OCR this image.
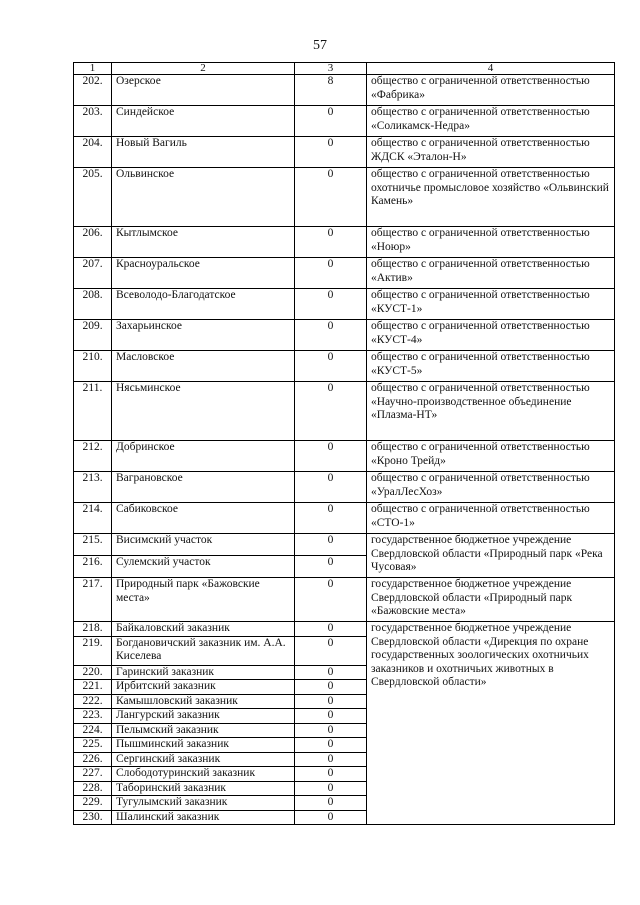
57
1	2	3	4
202.	Озерское	8	общество с ограниченной ответственностью «Фабрика»
203.	Синдейское	0	общество с ограниченной ответственностью «Соликамск-Недра»
204.	Новый Вагиль	0	общество с ограниченной ответственностью ЖДСК «Эталон-Н»
205.	Ольвинское	0	общество с ограниченной ответственностью охотничье промысловое хозяйство «Ольвинский Камень»
206.	Кытлымское	0	общество с ограниченной ответственностью «Ноюр»
207.	Красноуральское	0	общество с ограниченной ответственностью «Актив»
208.	Всеволодо-Благодатское	0	общество с ограниченной ответственностью «КУСТ-1»
209.	Захарьинское	0	общество с ограниченной ответственностью «КУСТ-4»
210.	Масловское	0	общество с ограниченной ответственностью «КУСТ-5»
211.	Нясьминское	0	общество с ограниченной ответственностью «Научно-производственное объединение «Плазма-НТ»
212.	Добринское	0	общество с ограниченной ответственностью «Кроно Трейд»
213.	Ваграновское	0	общество с ограниченной ответственностью «УралЛесХоз»
214.	Сабиковское	0	общество с ограниченной ответственностью «СТО-1»
215.	Висимский участок	0	государственное бюджетное учреждение Свердловской области «Природный парк «Река Чусовая»
216.	Сулемский участок	0	
217.	Природный парк «Бажовские места»	0	государственное бюджетное учреждение Свердловской области «Природный парк «Бажовские места»
218.	Байкаловский заказник	0	государственное бюджетное учреждение Свердловской области «Дирекция по охране государственных зоологических охотничьих заказников и охотничьих животных в Свердловской области»
219.	Богдановичский заказник им. А.А. Киселева	0	
220.	Гаринский заказник	0	
221.	Ирбитский заказник	0	
222.	Камышловский заказник	0	
223.	Лангурский заказник	0	
224.	Пелымский заказник	0	
225.	Пышминский заказник	0	
226.	Сергинский заказник	0	
227.	Слободотуринский заказник	0	
228.	Таборинский заказник	0	
229.	Тугулымский заказник	0	
230.	Шалинский заказник	0	
